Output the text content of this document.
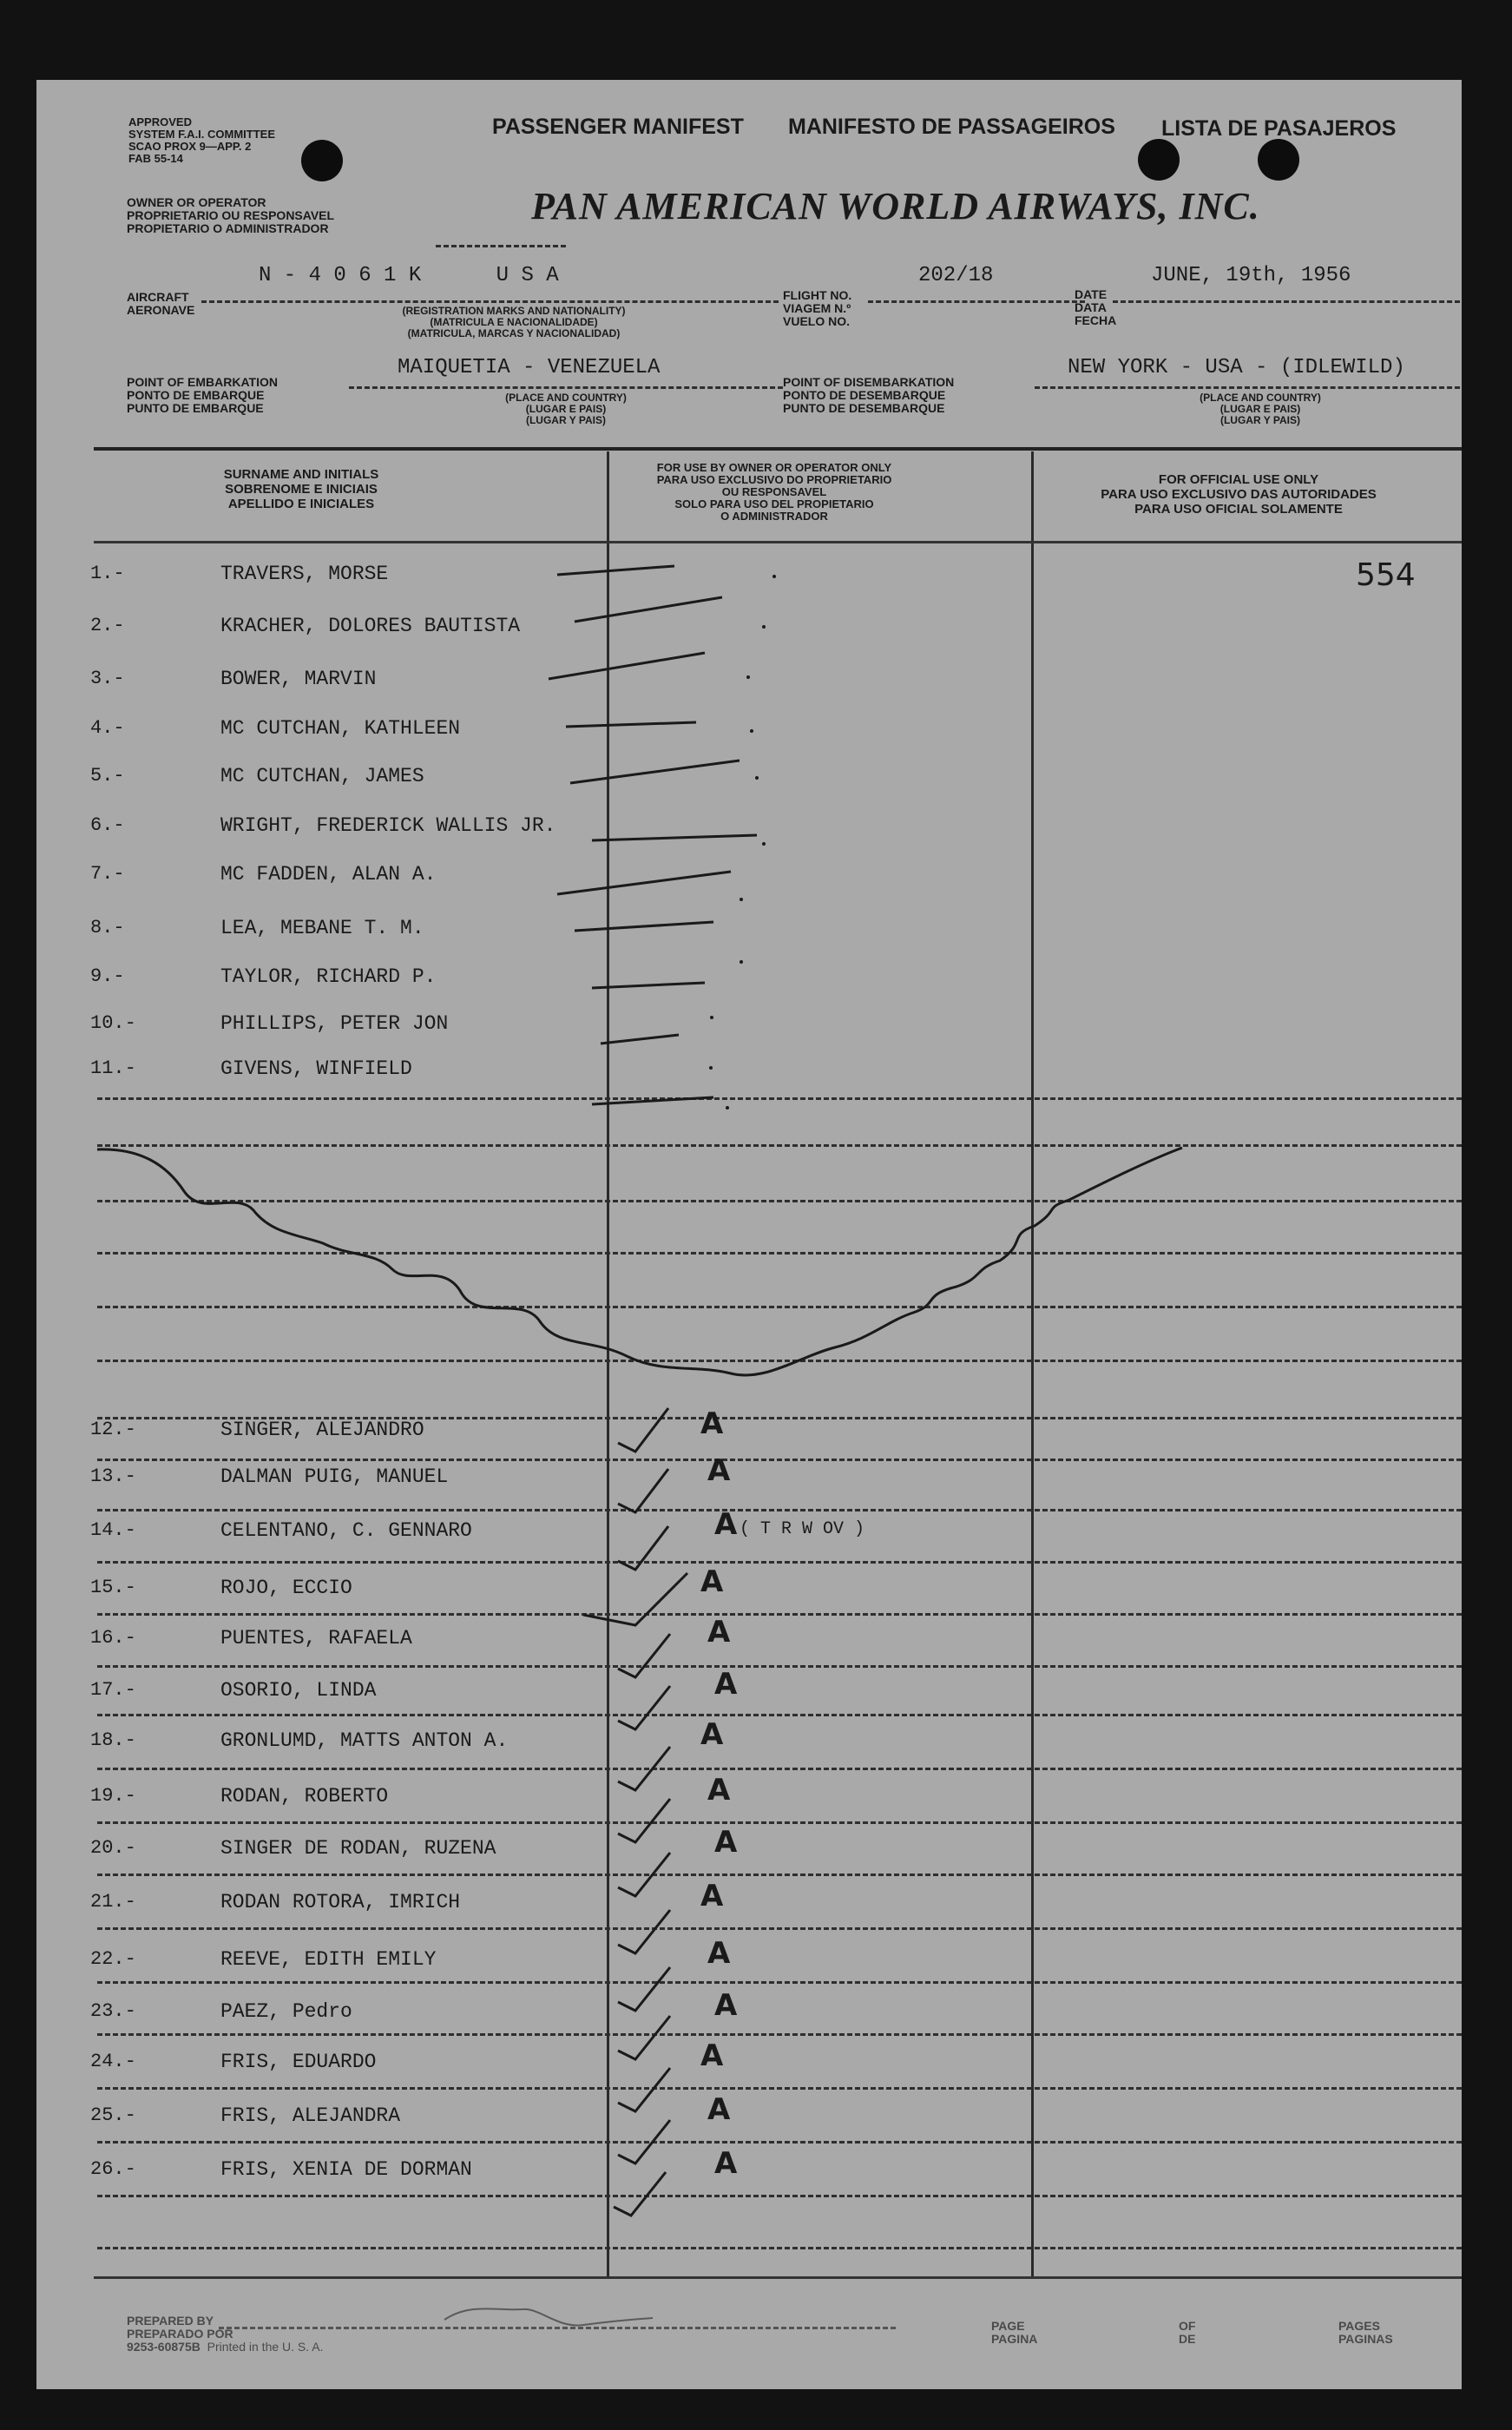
APPROVED
SYSTEM F.A.I. COMMITTEE
SCAO PROX 9—APP. 2
FAB 55-14
PASSENGER MANIFEST MANIFESTO DE PASSAGEIROS LISTA DE PASAJEROS
OWNER OR OPERATOR
PROPRIETARIO OU RESPONSAVEL
PROPIETARIO O ADMINISTRADOR
PAN AMERICAN WORLD AIRWAYS, INC.
AIRCRAFT
AERONAVE
N - 4 0 6 1 K      U S A
(REGISTRATION MARKS AND NATIONALITY)
(MATRICULA E NACIONALIDADE)
(MATRICULA, MARCAS Y NACIONALIDAD)
FLIGHT NO.
VIAGEM N.º
VUELO NO.
202/18
DATE
DATA
FECHA
JUNE, 19th, 1956
POINT OF EMBARKATION
PONTO DE EMBARQUE
PUNTO DE EMBARQUE
MAIQUETIA - VENEZUELA
(PLACE AND COUNTRY)
(LUGAR E PAIS)
(LUGAR Y PAIS)
POINT OF DISEMBARKATION
PONTO DE DESEMBARQUE
PUNTO DE DESEMBARQUE
NEW YORK - USA - (IDLEWILD)
(PLACE AND COUNTRY)
(LUGAR E PAIS)
(LUGAR Y PAIS)
SURNAME AND INITIALS
SOBRENOME E INICIAIS
APELLIDO E INICIALES
FOR USE BY OWNER OR OPERATOR ONLY
PARA USO EXCLUSIVO DO PROPRIETARIO
OU RESPONSAVEL
SOLO PARA USO DEL PROPIETARIO
O ADMINISTRADOR
FOR OFFICIAL USE ONLY
PARA USO EXCLUSIVO DAS AUTORIDADES
PARA USO OFICIAL SOLAMENTE
554
1.-	TRAVERS, MORSE
2.-	KRACHER, DOLORES BAUTISTA
3.-	BOWER, MARVIN
4.-	MC CUTCHAN, KATHLEEN
5.-	MC CUTCHAN, JAMES
6.-	WRIGHT, FREDERICK WALLIS JR.
7.-	MC FADDEN, ALAN A.
8.-	LEA, MEBANE T. M.
9.-	TAYLOR, RICHARD P.
10.-	PHILLIPS, PETER JON
11.-	GIVENS, WINFIELD
12.-	SINGER, ALEJANDRO	A
13.-	DALMAN PUIG, MANUEL	A
14.-	CELENTANO, C. GENNARO	A ( T R W OV )
15.-	ROJO, ECCIO	A
16.-	PUENTES, RAFAELA	A
17.-	OSORIO, LINDA	A
18.-	GRONLUMD, MATTS ANTON A.	A
19.-	RODAN, ROBERTO	A
20.-	SINGER DE RODAN, RUZENA	A
21.-	RODAN ROTORA, IMRICH	A
22.-	REEVE, EDITH EMILY	A
23.-	PAEZ, Pedro	A
24.-	FRIS, EDUARDO	A
25.-	FRIS, ALEJANDRA	A
26.-	FRIS, XENIA DE DORMAN	A
PREPARED BY
PREPARADO POR
9253-60875B Printed in the U. S. A.
PAGE
PAGINA
OF
DE
PAGES
PAGINAS
